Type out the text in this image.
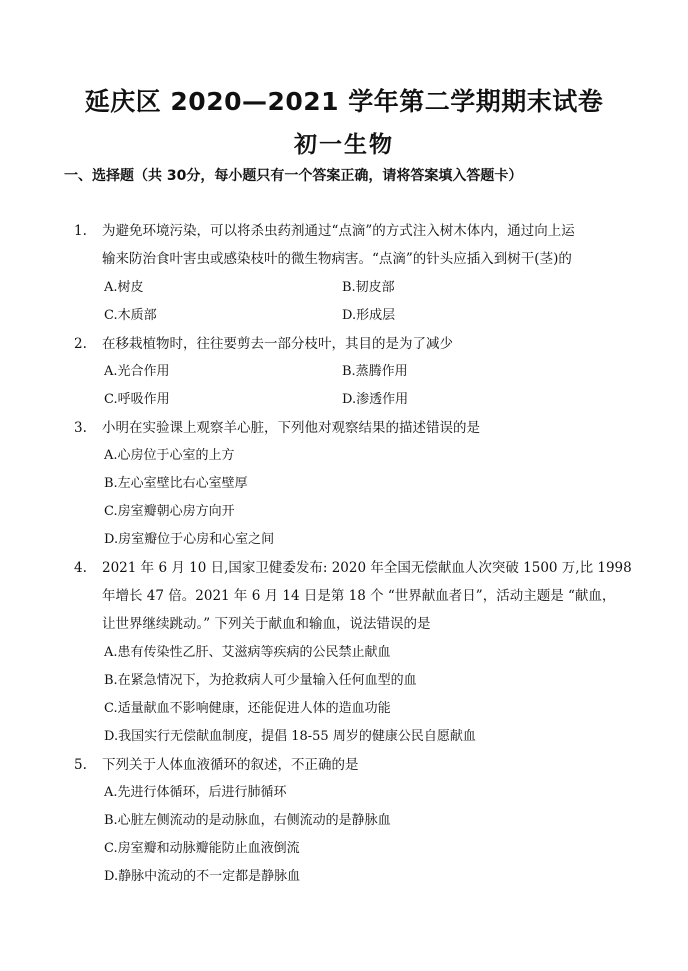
延庆区 2020—2021 学年第二学期期末试卷
初一生物
一、选择题（共 30分，每小题只有一个答案正确，请将答案填入答题卡）
1. 为避免环境污染，可以将杀虫药剂通过“点滴”的方式注入树木体内，通过向上运
输来防治食叶害虫或感染枝叶的微生物病害。“点滴”的针头应插入到树干(茎)的
A.树皮	B.韧皮部
C.木质部	D.形成层
2. 在移栽植物时，往往要剪去一部分枝叶，其目的是为了减少
A.光合作用	B.蒸腾作用
C.呼吸作用	D.渗透作用
3. 小明在实验课上观察羊心脏，下列他对观察结果的描述错误的是
A.心房位于心室的上方
B.左心室壁比右心室壁厚
C.房室瓣朝心房方向开
D.房室瓣位于心房和心室之间
4. 2021 年 6 月 10 日,国家卫健委发布: 2020 年全国无偿献血人次突破 1500 万,比 1998
年增长 47 倍。2021 年 6 月 14 日是第 18 个 “世界献血者日”，活动主题是 “献血，
让世界继续跳动。” 下列关于献血和输血，说法错误的是
A.患有传染性乙肝、艾滋病等疾病的公民禁止献血
B.在紧急情况下，为抢救病人可少量输入任何血型的血
C.适量献血不影响健康，还能促进人体的造血功能
D.我国实行无偿献血制度，提倡 18-55 周岁的健康公民自愿献血
5. 下列关于人体血液循环的叙述，不正确的是
A.先进行体循环，后进行肺循环
B.心脏左侧流动的是动脉血，右侧流动的是静脉血
C.房室瓣和动脉瓣能防止血液倒流
D.静脉中流动的不一定都是静脉血
